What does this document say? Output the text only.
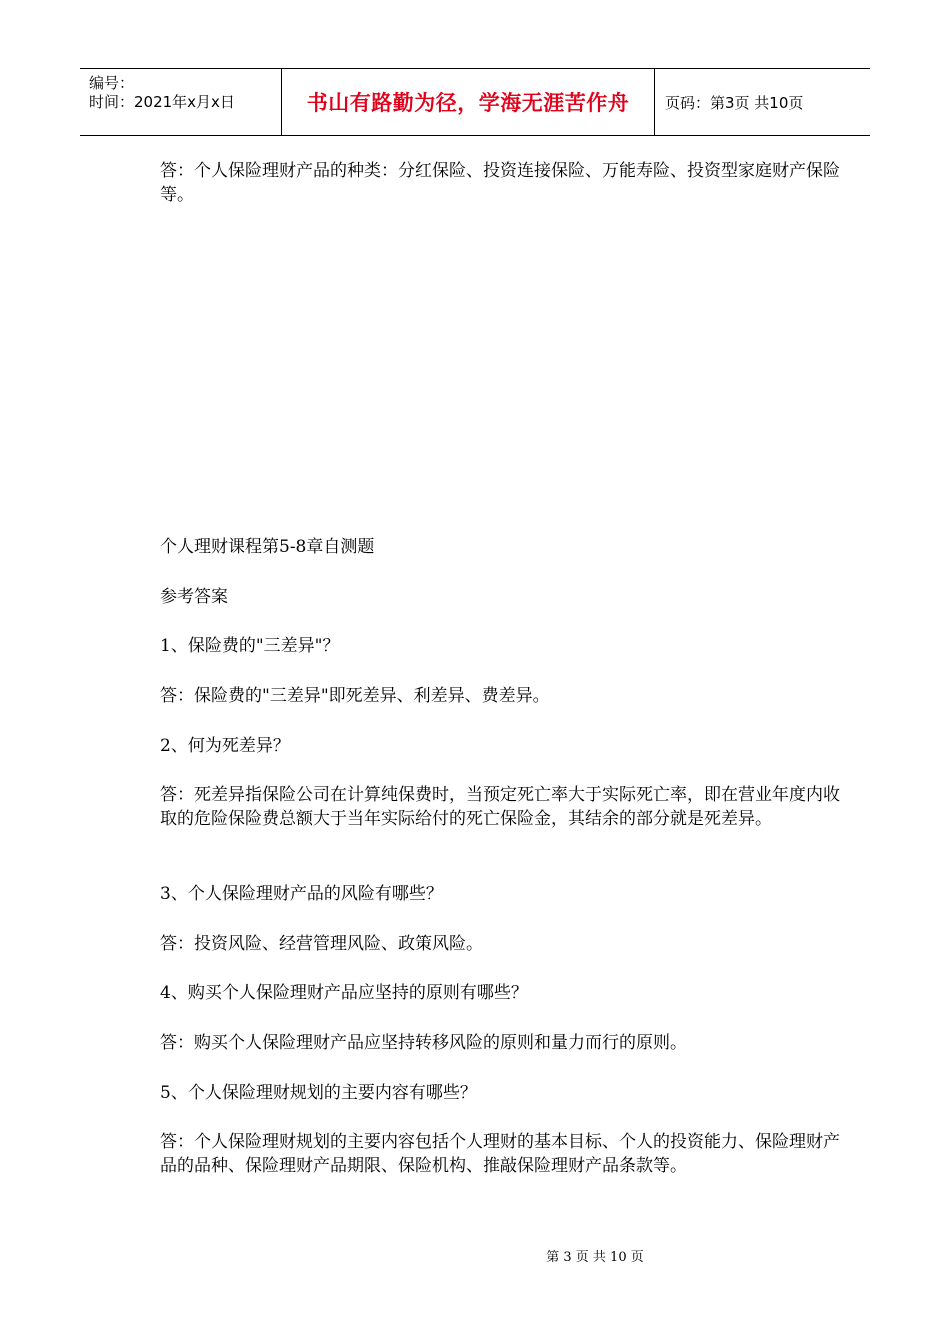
编号：
时间：2021年x月x日	书山有路勤为径，学海无涯苦作舟 页码：第3页 共10页

答：个人保险理财产品的种类：分红保险、投资连接保险、万能寿险、投资型家庭财产保险等。

个人理财课程第5-8章自测题

参考答案

1、保险费的"三差异"？

答：保险费的"三差异"即死差异、利差异、费差异。

2、何为死差异？

答：死差异指保险公司在计算纯保费时，当预定死亡率大于实际死亡率，即在营业年度内收取的危险保险费总额大于当年实际给付的死亡保险金，其结余的部分就是死差异。

3、个人保险理财产品的风险有哪些？

答：投资风险、经营管理风险、政策风险。

4、购买个人保险理财产品应坚持的原则有哪些？

答：购买个人保险理财产品应坚持转移风险的原则和量力而行的原则。

5、个人保险理财规划的主要内容有哪些？

答：个人保险理财规划的主要内容包括个人理财的基本目标、个人的投资能力、保险理财产品的品种、保险理财产品期限、保险机构、推敲保险理财产品条款等。

第 3 页 共 10 页
